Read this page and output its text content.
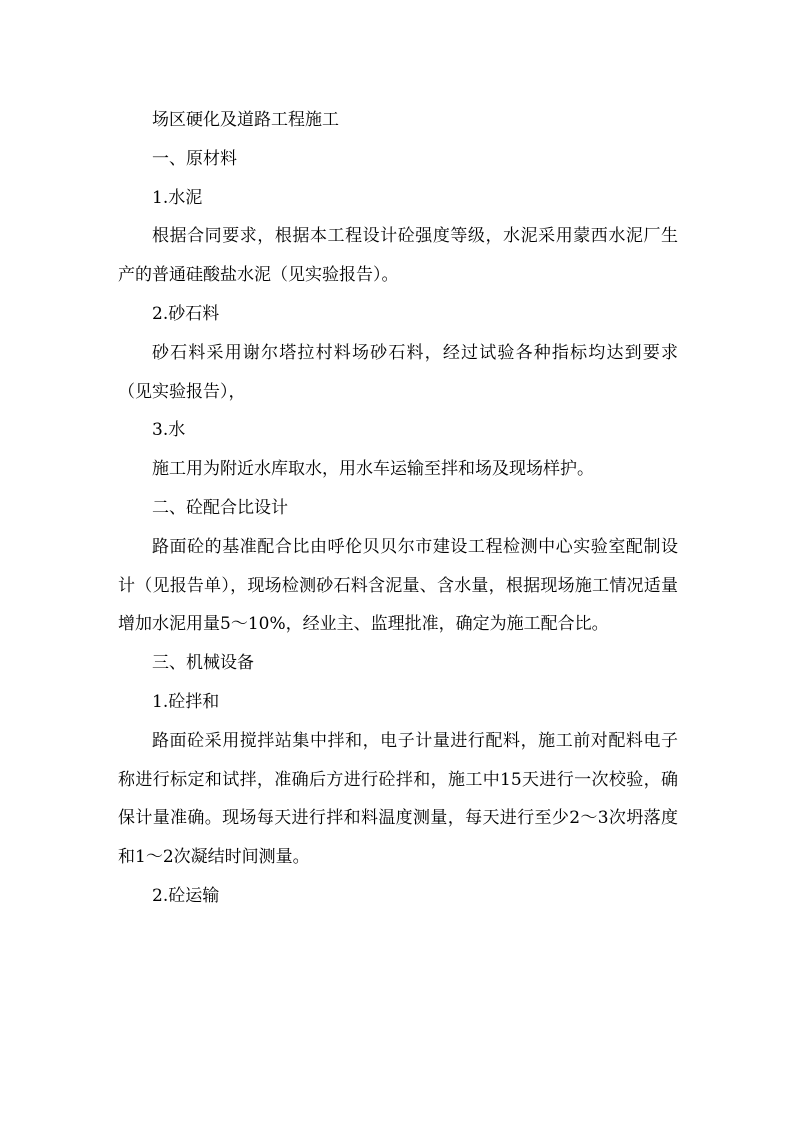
场区硬化及道路工程施工

一、原材料

1.水泥

根据合同要求，根据本工程设计砼强度等级，水泥采用蒙西水泥厂生产的普通硅酸盐水泥（见实验报告）。

2.砂石料

砂石料采用谢尔塔拉村料场砂石料，经过试验各种指标均达到要求（见实验报告），

3.水

施工用为附近水库取水，用水车运输至拌和场及现场样护。

二、砼配合比设计

路面砼的基准配合比由呼伦贝贝尔市建设工程检测中心实验室配制设计（见报告单），现场检测砂石料含泥量、含水量，根据现场施工情况适量增加水泥用量5～10%，经业主、监理批准，确定为施工配合比。

三、机械设备

1.砼拌和

路面砼采用搅拌站集中拌和，电子计量进行配料，施工前对配料电子称进行标定和试拌，准确后方进行砼拌和，施工中15天进行一次校验，确保计量准确。现场每天进行拌和料温度测量，每天进行至少2～3次坍落度和1～2次凝结时间测量。

2.砼运输
